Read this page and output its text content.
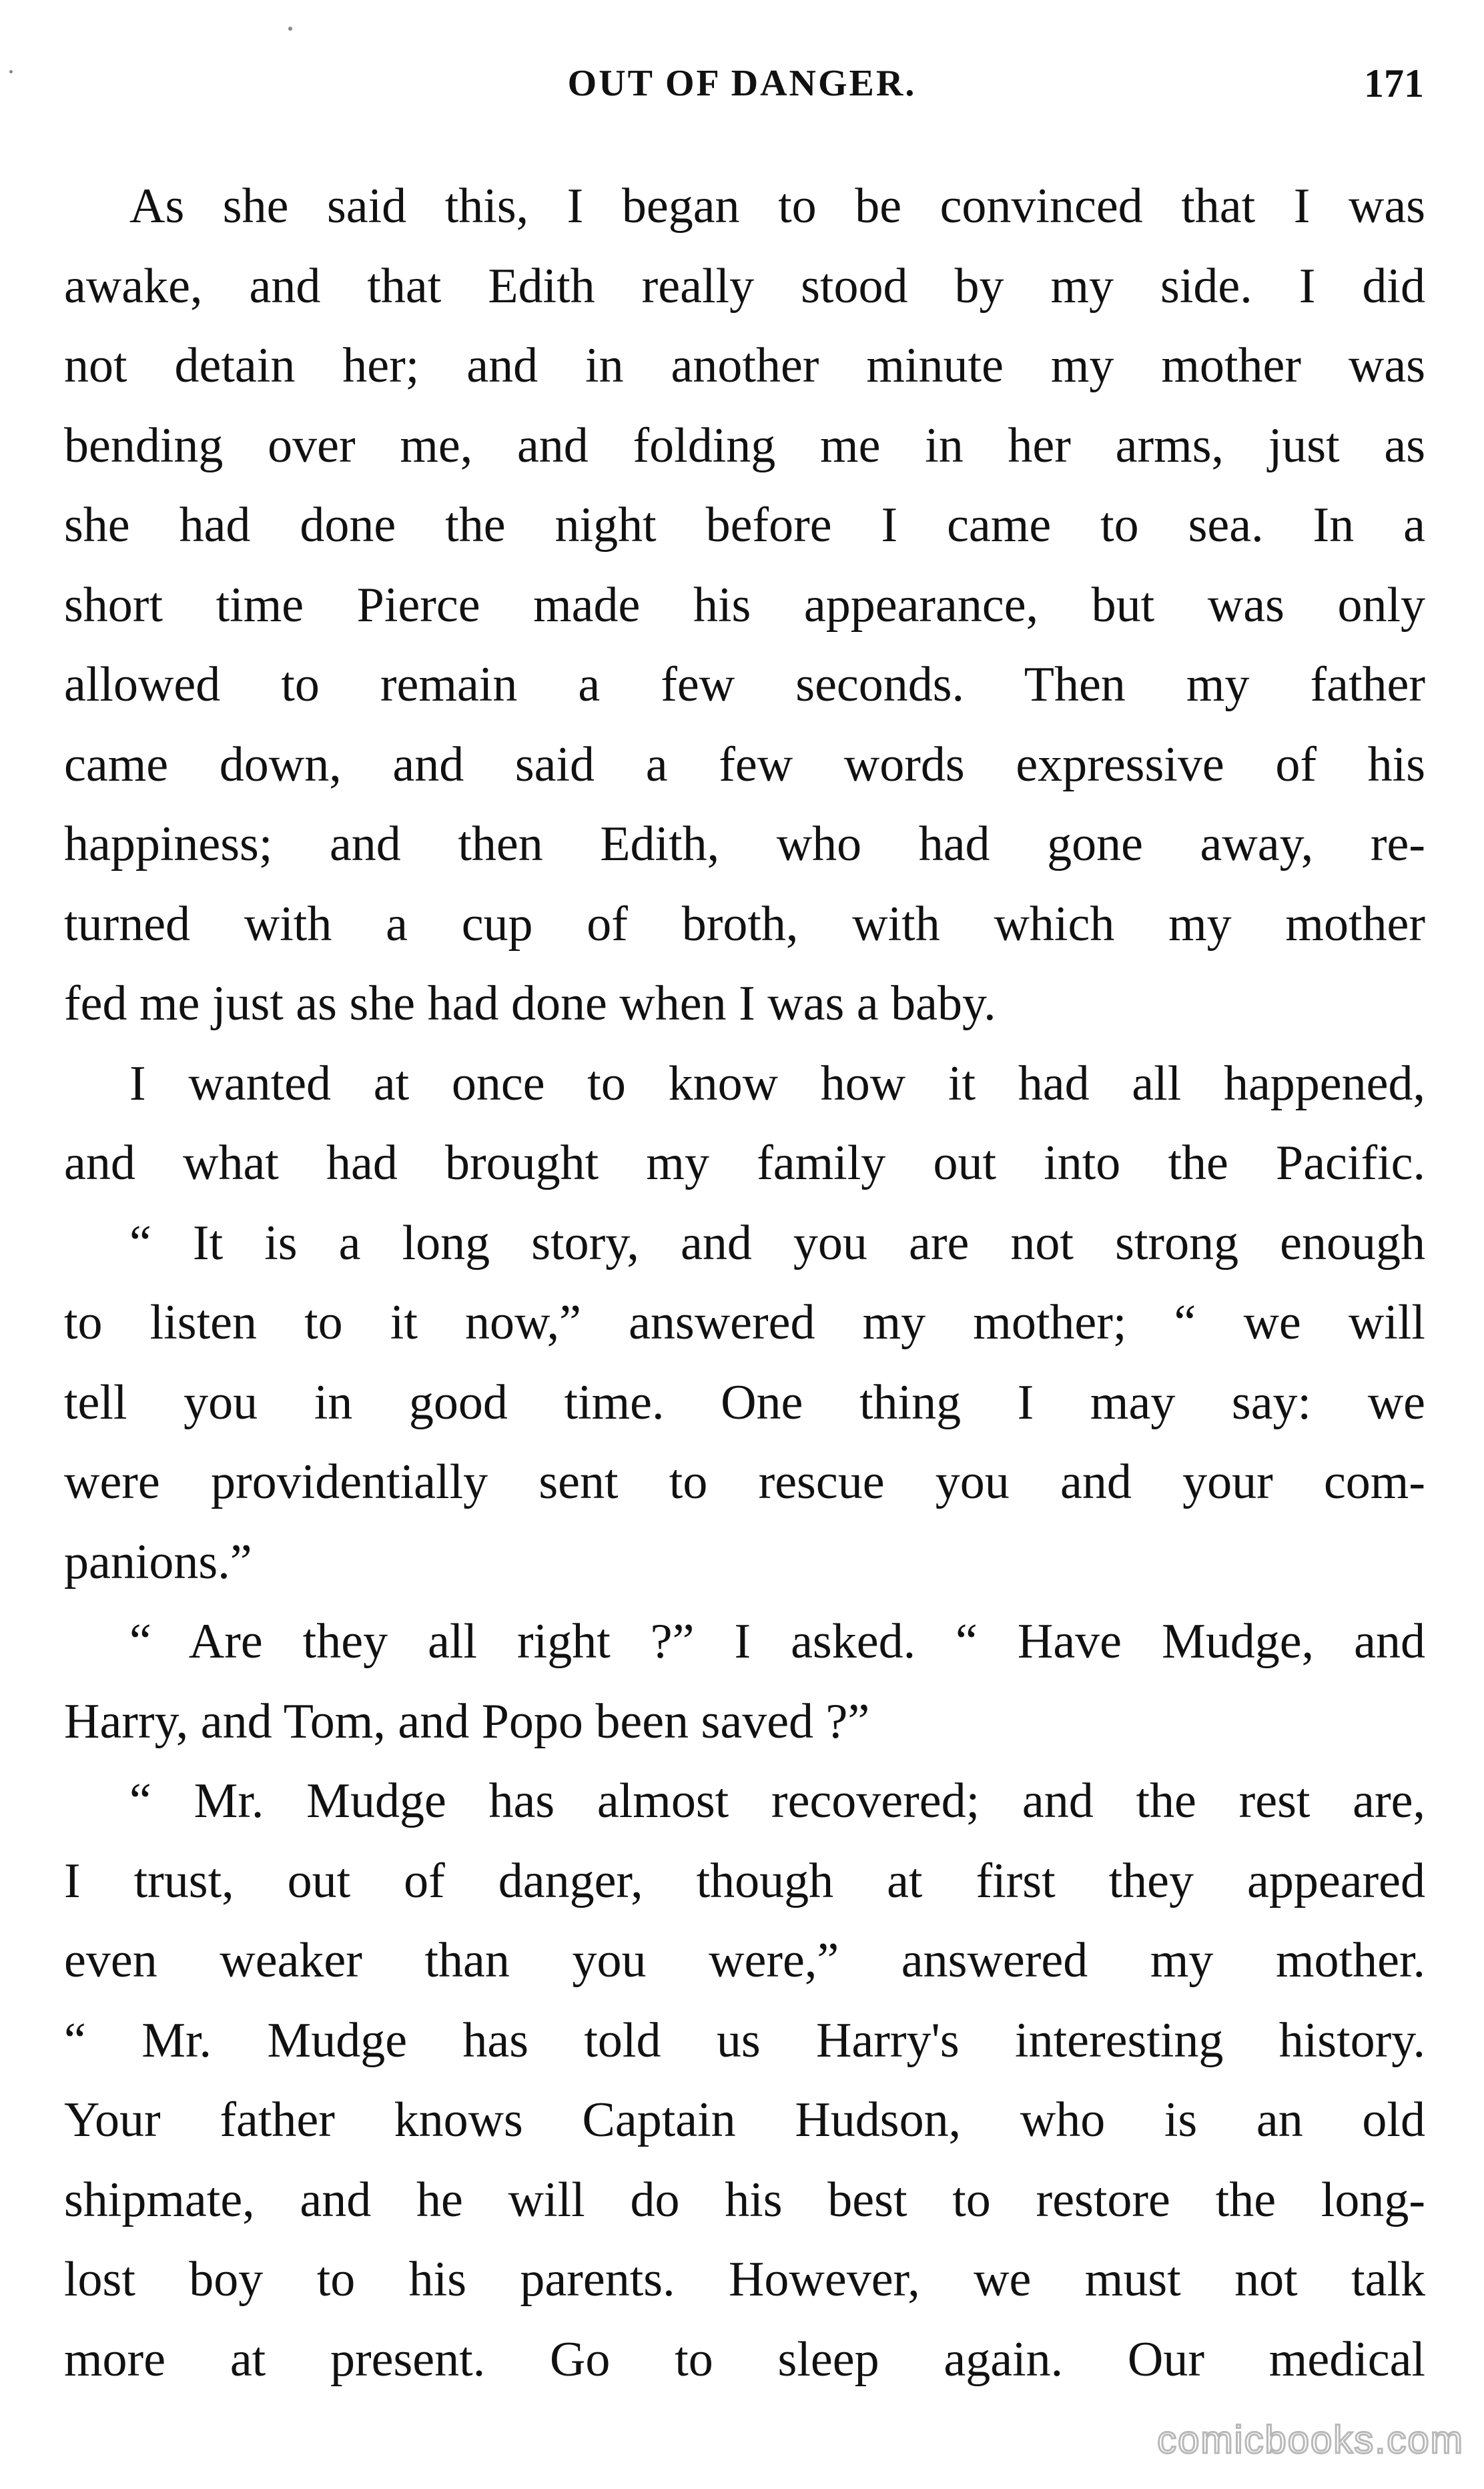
OUT OF DANGER.	171
As she said this, I began to be convinced that I was
awake, and that Edith really stood by my side. I did
not detain her; and in another minute my mother was
bending over me, and folding me in her arms, just as
she had done the night before I came to sea. In a
short time Pierce made his appearance, but was only
allowed to remain a few seconds. Then my father
came down, and said a few words expressive of his
happiness; and then Edith, who had gone away, re-
turned with a cup of broth, with which my mother
fed me just as she had done when I was a baby.
I wanted at once to know how it had all happened,
and what had brought my family out into the Pacific.
“ It is a long story, and you are not strong enough
to listen to it now,” answered my mother; “ we will
tell you in good time. One thing I may say: we
were providentially sent to rescue you and your com-
panions.”
“ Are they all right ?” I asked. “ Have Mudge, and
Harry, and Tom, and Popo been saved ?”
“ Mr. Mudge has almost recovered; and the rest are,
I trust, out of danger, though at first they appeared
even weaker than you were,” answered my mother.
“ Mr. Mudge has told us Harry's interesting history.
Your father knows Captain Hudson, who is an old
shipmate, and he will do his best to restore the long-
lost boy to his parents. However, we must not talk
more at present. Go to sleep again. Our medical
comicbooks.com
